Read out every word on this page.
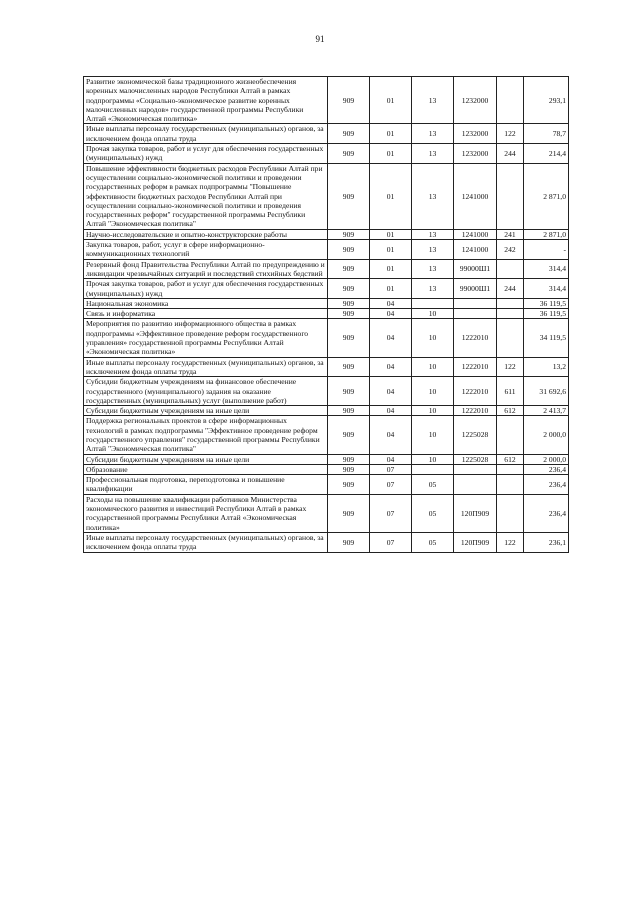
91
Развитие экономической базы традиционного жизнеобеспечения коренных малочисленных народов Республики Алтай в рамках подпрограммы «Социально-экономическое развитие коренных малочисленных народов» государственной программы Республики Алтай «Экономическая политика»	909	01	13	1232000		293,1
Иные выплаты персоналу государственных (муниципальных) органов, за исключением фонда оплаты труда	909	01	13	1232000	122	78,7
Прочая закупка товаров, работ и услуг для обеспечения государственных (муниципальных) нужд	909	01	13	1232000	244	214,4
Повышение эффективности бюджетных расходов Республики Алтай при осуществлении социально-экономической политики и проведении государственных реформ в рамках подпрограммы "Повышение эффективности бюджетных расходов Республики Алтай при осуществлении социально-экономической политики и проведения государственных реформ" государственной программы Республики Алтай "Экономическая политика"	909	01	13	1241000		2 871,0
Научно-исследовательские и опытно-конструкторские работы	909	01	13	1241000	241	2 871,0
Закупка товаров, работ, услуг в сфере информационно-коммуникационных технологий	909	01	13	1241000	242	-
Резервный фонд Правительства Республики Алтай по предупреждению и ликвидации чрезвычайных ситуаций и последствий стихийных бедствий	909	01	13	99000Ш1		314,4
Прочая закупка товаров, работ и услуг для обеспечения государственных (муниципальных) нужд	909	01	13	99000Ш1	244	314,4
Национальная экономика	909	04				36 119,5
Связь и информатика	909	04	10			36 119,5
Мероприятия по развитию информационного общества в рамках подпрограммы «Эффективное проведение реформ государственного управления» государственной программы Республики Алтай «Экономическая политика»	909	04	10	1222010		34 119,5
Иные выплаты персоналу государственных (муниципальных) органов, за исключением фонда оплаты труда	909	04	10	1222010	122	13,2
Субсидии бюджетным учреждениям на финансовое обеспечение государственного (муниципального) задания на оказание государственных (муниципальных) услуг (выполнение работ)	909	04	10	1222010	611	31 692,6
Субсидии бюджетным учреждениям на иные цели	909	04	10	1222010	612	2 413,7
Поддержка региональных проектов в сфере информационных технологий в рамках подпрограммы "Эффективное проведение реформ государственного управления" государственной программы Республики Алтай "Экономическая политика"	909	04	10	1225028		2 000,0
Субсидии бюджетным учреждениям на иные цели	909	04	10	1225028	612	2 000,0
Образование	909	07				236,4
Профессиональная подготовка, переподготовка и повышение квалификации	909	07	05			236,4
Расходы на повышение квалификации работников Министерства экономического развития и инвестиций Республики Алтай в рамках государственной программы Республики Алтай «Экономическая политика»	909	07	05	120П909		236,4
Иные выплаты персоналу государственных (муниципальных) органов, за исключением фонда оплаты труда	909	07	05	120П909	122	236,1
